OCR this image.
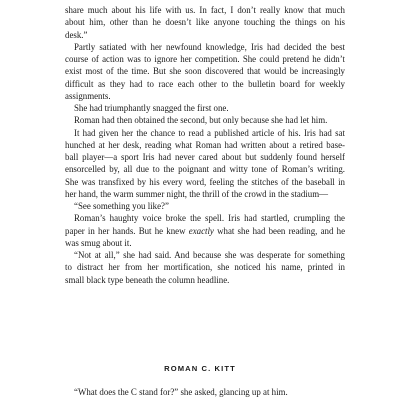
share much about his life with us. In fact, I don’t really know that much
about him, other than he doesn’t like anyone touching the things on his
desk.”
Partly satiated with her newfound knowledge, Iris had decided the best
course of action was to ignore her competition. She could pretend he didn’t
exist most of the time. But she soon discovered that would be increasingly
difficult as they had to race each other to the bulletin board for weekly
assignments.
She had triumphantly snagged the first one.
Roman had then obtained the second, but only because she had let him.
It had given her the chance to read a published article of his. Iris had sat
hunched at her desk, reading what Roman had written about a retired base-
ball player—a sport Iris had never cared about but suddenly found herself
ensorcelled by, all due to the poignant and witty tone of Roman’s writing.
She was transfixed by his every word, feeling the stitches of the baseball in
her hand, the warm summer night, the thrill of the crowd in the stadium—
“See something you like?”
Roman’s haughty voice broke the spell. Iris had startled, crumpling the
paper in her hands. But he knew exactly what she had been reading, and he
was smug about it.
“Not at all,” she had said. And because she was desperate for something
to distract her from her mortification, she noticed his name, printed in
small black type beneath the column headline.
ROMAN C. KITT
“What does the C stand for?” she asked, glancing up at him.
